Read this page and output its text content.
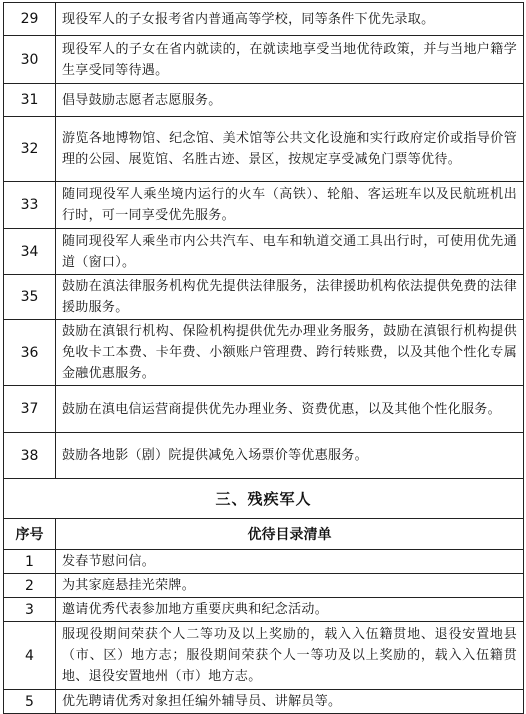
29	现役军人的子女报考省内普通高等学校，同等条件下优先录取。
30	现役军人的子女在省内就读的，在就读地享受当地优待政策，并与当地户籍学生享受同等待遇。
31	倡导鼓励志愿者志愿服务。
32	游览各地博物馆、纪念馆、美术馆等公共文化设施和实行政府定价或指导价管理的公园、展览馆、名胜古迹、景区，按规定享受减免门票等优待。
33	随同现役军人乘坐境内运行的火车（高铁）、轮船、客运班车以及民航班机出行时，可一同享受优先服务。
34	随同现役军人乘坐市内公共汽车、电车和轨道交通工具出行时，可使用优先通道（窗口）。
35	鼓励在滇法律服务机构优先提供法律服务，法律援助机构依法提供免费的法律援助服务。
36	鼓励在滇银行机构、保险机构提供优先办理业务服务，鼓励在滇银行机构提供免收卡工本费、卡年费、小额账户管理费、跨行转账费，以及其他个性化专属金融优惠服务。
37	鼓励在滇电信运营商提供优先办理业务、资费优惠，以及其他个性化服务。
38	鼓励各地影（剧）院提供减免入场票价等优惠服务。
三、残疾军人	
序号	优待目录清单
1	发春节慰问信。
2	为其家庭悬挂光荣牌。
3	邀请优秀代表参加地方重要庆典和纪念活动。
4	服现役期间荣获个人二等功及以上奖励的，载入入伍籍贯地、退役安置地县（市、区）地方志；服役期间荣获个人一等功及以上奖励的，载入入伍籍贯地、退役安置地州（市）地方志。
5	优先聘请优秀对象担任编外辅导员、讲解员等。
